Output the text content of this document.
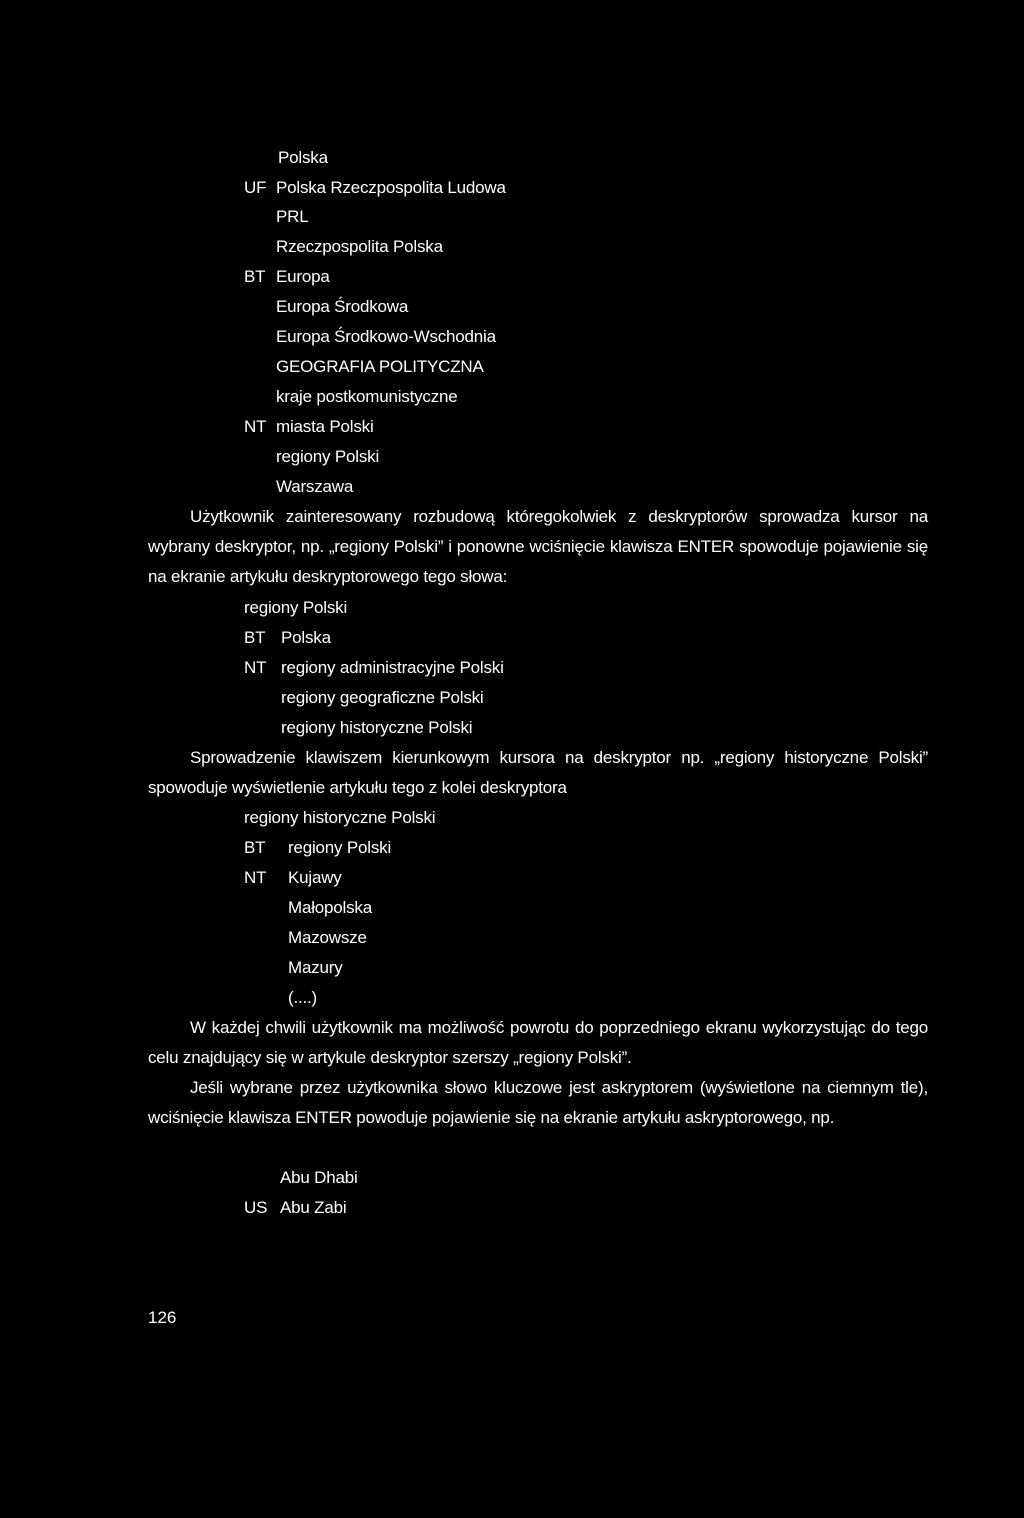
Polska
UF Polska Rzeczpospolita Ludowa
PRL
Rzeczpospolita Polska
BT Europa
Europa Środkowa
Europa Środkowo-Wschodnia
GEOGRAFIA POLITYCZNA
kraje postkomunistyczne
NT miasta Polski
regiony Polski
Warszawa
Użytkownik zainteresowany rozbudową któregokolwiek z deskryptorów sprowadza kursor na wybrany deskryptor, np. „regiony Polski” i ponowne wciśnięcie klawisza ENTER spowoduje pojawienie się na ekranie artykułu deskryptorowego tego słowa:
regiony Polski
BT Polska
NT regiony administracyjne Polski
regiony geograficzne Polski
regiony historyczne Polski
Sprowadzenie klawiszem kierunkowym kursora na deskryptor np. „regiony historyczne Polski” spowoduje wyświetlenie artykułu tego z kolei deskryptora
regiony historyczne Polski
BT regiony Polski
NT Kujawy
Małopolska
Mazowsze
Mazury
(....)
W każdej chwili użytkownik ma możliwość powrotu do poprzedniego ekranu wykorzystując do tego celu znajdujący się w artykule deskryptor szerszy „regiony Polski”.
Jeśli wybrane przez użytkownika słowo kluczowe jest askryptorem (wyświetlone na ciemnym tle), wciśnięcie klawisza ENTER powoduje pojawienie się na ekranie artykułu askryptorowego, np.
Abu Dhabi
US Abu Zabi
126
